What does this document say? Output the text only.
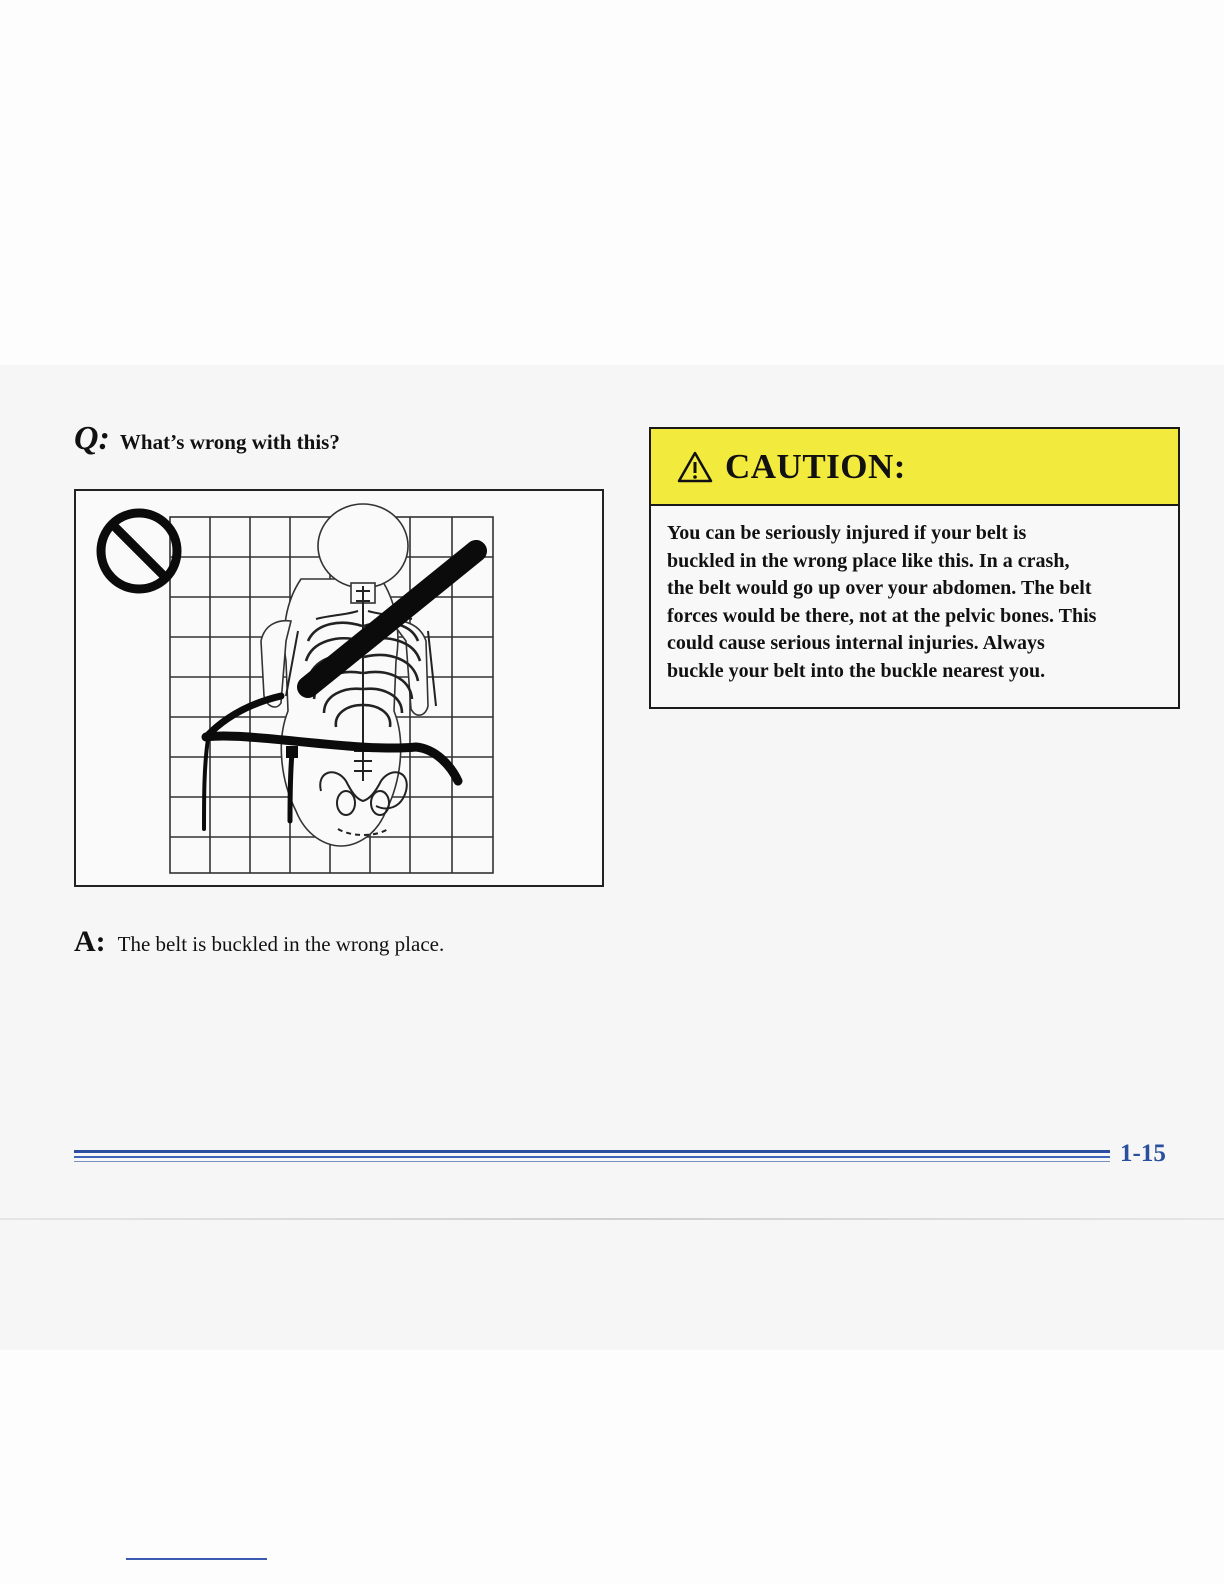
Q: What’s wrong with this?
A: The belt is buckled in the wrong place.
CAUTION:
You can be seriously injured if your belt is
buckled in the wrong place like this. In a crash,
the belt would go up over your abdomen. The belt
forces would be there, not at the pelvic bones. This
could cause serious internal injuries. Always
buckle your belt into the buckle nearest you.
1-15
